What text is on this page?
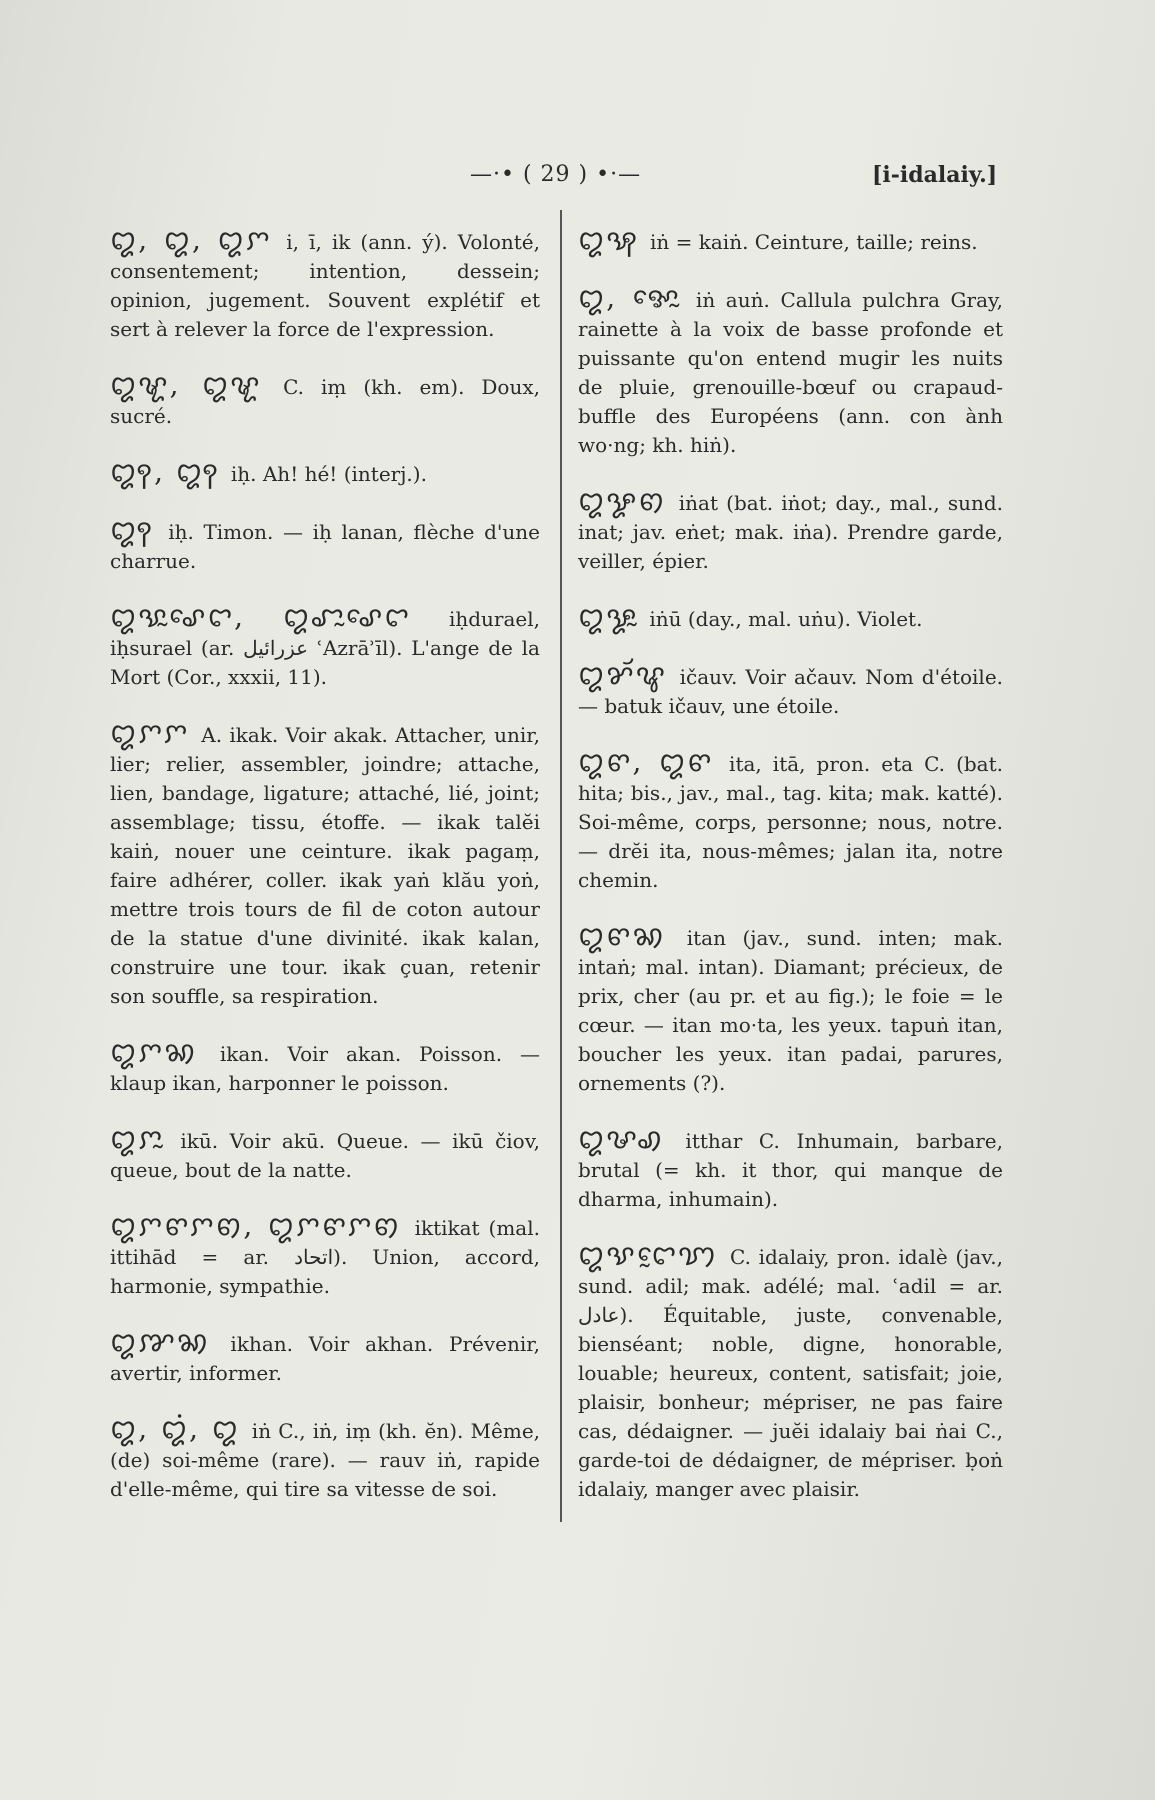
—·• ( 29 ) •·—	[i-idalaiy.]
ꨁ, ꨁ, ꨁꨆ i, ī, ik (ann. ý). Volonté, consentement; intention, dessein; opinion, jugement. Souvent explétif et sert à relever la force de l'expression.
ꨁꨠ, ꨁꨠ C. iṃ (kh. em). Doux, sucré.
ꨁꩍ, ꨁꩍ iḥ. Ah! hé! (interj.).
ꨁꩍ iḥ. Timon. — iḥ lanan, flèche d'une charrue.
ꨁꨕꨭꨣꨯꨤ, ꨁꨧꨭꨣꨯꨤ iḥdurael, iḥsurael (ar. عزرائيل ʿAzrāʾīl). L'ange de la Mort (Cor., xxxii, 11).
ꨁꨆꨆ A. ikak. Voir akak. Attacher, unir, lier; relier, assembler, joindre; attache, lien, bandage, ligature; attaché, lié, joint; assemblage; tissu, étoffe. — ikak talĕi kaiṅ, nouer une ceinture. ikak pagaṃ, faire adhérer, coller. ikak yaṅ klău yoṅ, mettre trois tours de fil de coton autour de la statue d'une divinité. ikak kalan, construire une tour. ikak çuan, retenir son souffle, sa respiration.
ꨁꨆꩆ ikan. Voir akan. Poisson. — klaup ikan, harponner le poisson.
ꨁꨆꨭ ikū. Voir akū. Queue. — ikū čiov, queue, bout de la natte.
ꨁꨆꨓꨆꩅ, ꨁꨆꨓꨆꩅ iktikat (mal. ittihād = ar. اتحاد). Union, accord, harmonie, sympathie.
ꨁꨇꩆ ikhan. Voir akhan. Prévenir, avertir, informer.
ꨁ, ꨁꩌ, ꨁ iṅ C., iṅ, iṃ (kh. ĕn). Même, (de) soi-même (rare). — rauv iṅ, rapide d'elle-même, qui tire sa vitesse de soi.
ꨁꩂ iṅ = kaiṅ. Ceinture, taille; reins.
ꨁ, ꨀꨯꨭ iṅ auṅ. Callula pulchra Gray, rainette à la voix de basse profonde et puissante qu'on entend mugir les nuits de pluie, grenouille-bœuf ou crapaud-buffle des Européens (ann. con ành wo·ng; kh. hiṅ).
ꨁꨋꩅ iṅat (bat. iṅot; day., mal., sund. inat; jav. eṅet; mak. iṅa). Prendre garde, veiller, épier.
ꨁꨋꨭ iṅū (day., mal. uṅu). Violet.
ꨁꨌꨮꨥ ičauv. Voir ačauv. Nom d'étoile. — batuk ičauv, une étoile.
ꨁꨓ, ꨁꨓ ita, itā, pron. eta C. (bat. hita; bis., jav., mal., tag. kita; mak. katté). Soi-même, corps, personne; nous, notre. — drĕi ita, nous-mêmes; jalan ita, notre chemin.
ꨁꨓꩆ itan (jav., sund. inten; mak. intaṅ; mal. intan). Diamant; précieux, de prix, cher (au pr. et au fig.); le foie = le cœur. — itan mo·ta, les yeux. tapuṅ itan, boucher les yeux. itan padai, parures, ornements (?).
ꨁꨔꩉ itthar C. Inhumain, barbare, brutal (= kh. it thor, qui manque de dharma, inhumain).
ꨁꨕꨤꨰꩈ C. idalaiy, pron. idalè (jav., sund. adil; mak. adélé; mal. ʿadil = ar. عادل). Équitable, juste, convenable, bienséant; noble, digne, honorable, louable; heureux, content, satisfait; joie, plaisir, bonheur; mépriser, ne pas faire cas, dédaigner. — juĕi idalaiy bai ṅai C., garde-toi de dédaigner, de mépriser. ḅoṅ idalaiy, manger avec plaisir.
